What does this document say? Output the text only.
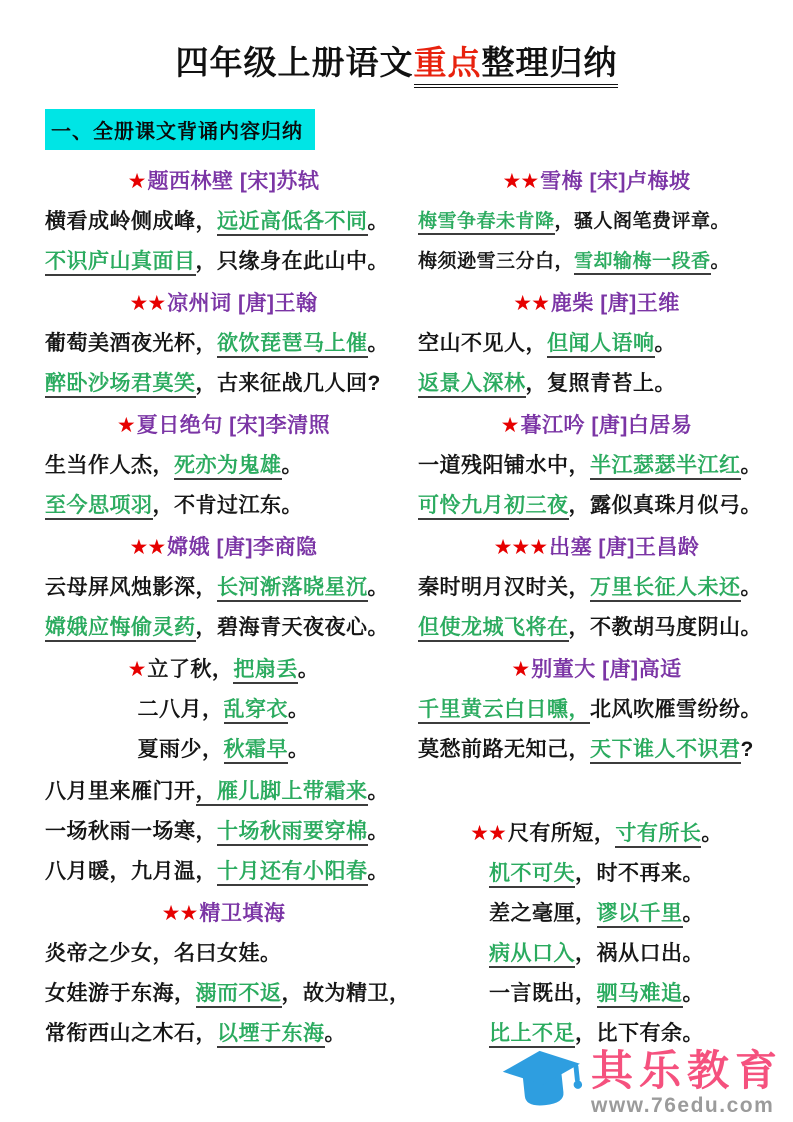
四年级上册语文重点整理归纳
一、全册课文背诵内容归纳
★题西林壁 [宋]苏轼
横看成岭侧成峰，远近高低各不同。
不识庐山真面目，只缘身在此山中。
★★凉州词 [唐]王翰
葡萄美酒夜光杯，欲饮琵琶马上催。
醉卧沙场君莫笑，古来征战几人回?
★夏日绝句 [宋]李清照
生当作人杰，死亦为鬼雄。
至今思项羽，不肯过江东。
★★嫦娥 [唐]李商隐
云母屏风烛影深，长河渐落晓星沉。
嫦娥应悔偷灵药，碧海青天夜夜心。
★立了秋，把扇丢。
二八月，乱穿衣。
夏雨少，秋霜早。
八月里来雁门开，雁儿脚上带霜来。
一场秋雨一场寒，十场秋雨要穿棉。
八月暖，九月温，十月还有小阳春。
★★精卫填海
炎帝之少女，名曰女娃。
女娃游于东海，溺而不返，故为精卫，
常衔西山之木石，以堙于东海。
★★雪梅 [宋]卢梅坡
梅雪争春未肯降，骚人阁笔费评章。
梅须逊雪三分白，雪却输梅一段香。
★★鹿柴 [唐]王维
空山不见人，但闻人语响。
返景入深林，复照青苔上。
★暮江吟 [唐]白居易
一道残阳铺水中，半江瑟瑟半江红。
可怜九月初三夜，露似真珠月似弓。
★★★出塞 [唐]王昌龄
秦时明月汉时关，万里长征人未还。
但使龙城飞将在，不教胡马度阴山。
★别董大 [唐]高适
千里黄云白日曛，北风吹雁雪纷纷。
莫愁前路无知己，天下谁人不识君?
★★尺有所短，寸有所长。
机不可失，时不再来。
差之毫厘，谬以千里。
病从口入，祸从口出。
一言既出，驷马难追。
比上不足，比下有余。
其乐教育
www.76edu.com
